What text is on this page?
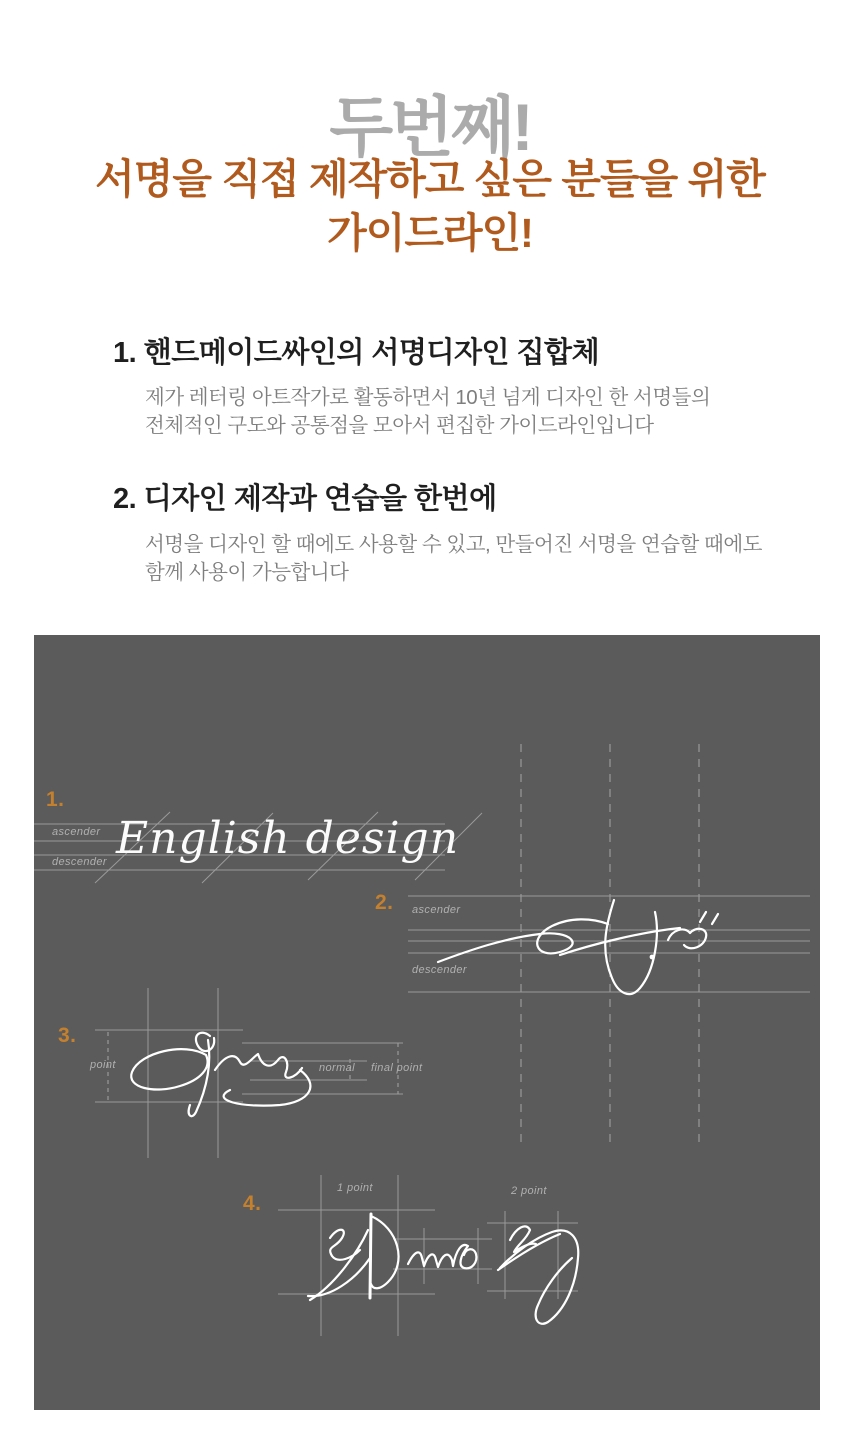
두번째!
서명을 직접 제작하고 싶은 분들을 위한
가이드라인!
1. 핸드메이드싸인의 서명디자인 집합체
제가 레터링 아트작가로 활동하면서 10년 넘게 디자인 한 서명들의
전체적인 구도와 공통점을 모아서 편집한 가이드라인입니다
2. 디자인 제작과 연습을 한번에
서명을 디자인 할 때에도 사용할 수 있고, 만들어진 서명을 연습할 때에도
함께 사용이 가능합니다
1.
2.
3.
4.
ascender
descender English design
ascender
descender
point	normal final point
1 point	2 point
